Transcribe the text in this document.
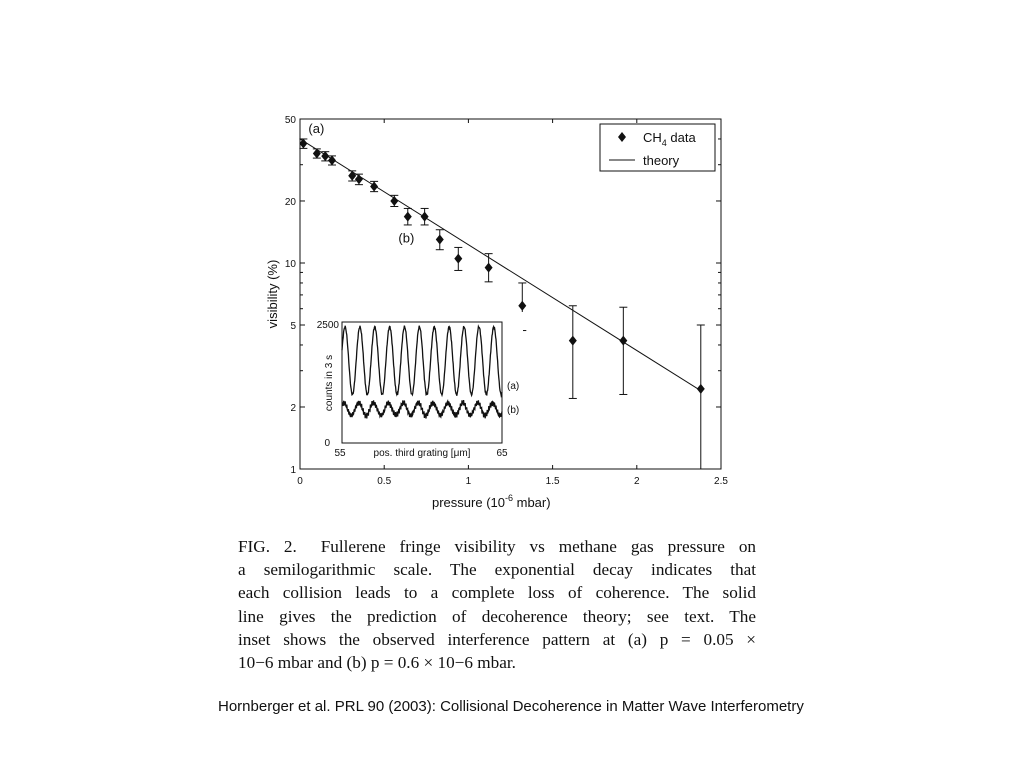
0	0.5	1	1.5	2	2.5
1
2
5
10
20
50
visibility (%)
pressure ($10^{-6}$ mbar)
(a)
(b)
$CH_4$ data
theory
2500
0
55	65
pos. third grating [μm]
counts in 3 s	(a)
(b)
FIG. 2. Fullerene fringe visibility vs methane gas pressure on
a semilogarithmic scale. The exponential decay indicates that
each collision leads to a complete loss of coherence. The solid
line gives the prediction of decoherence theory; see text. The
inset shows the observed interference pattern at (a) p = 0.05 ×
10−6 mbar and (b) p = 0.6 × 10−6 mbar.

Hornberger et al. PRL 90 (2003): Collisional Decoherence in Matter Wave Interferometry
